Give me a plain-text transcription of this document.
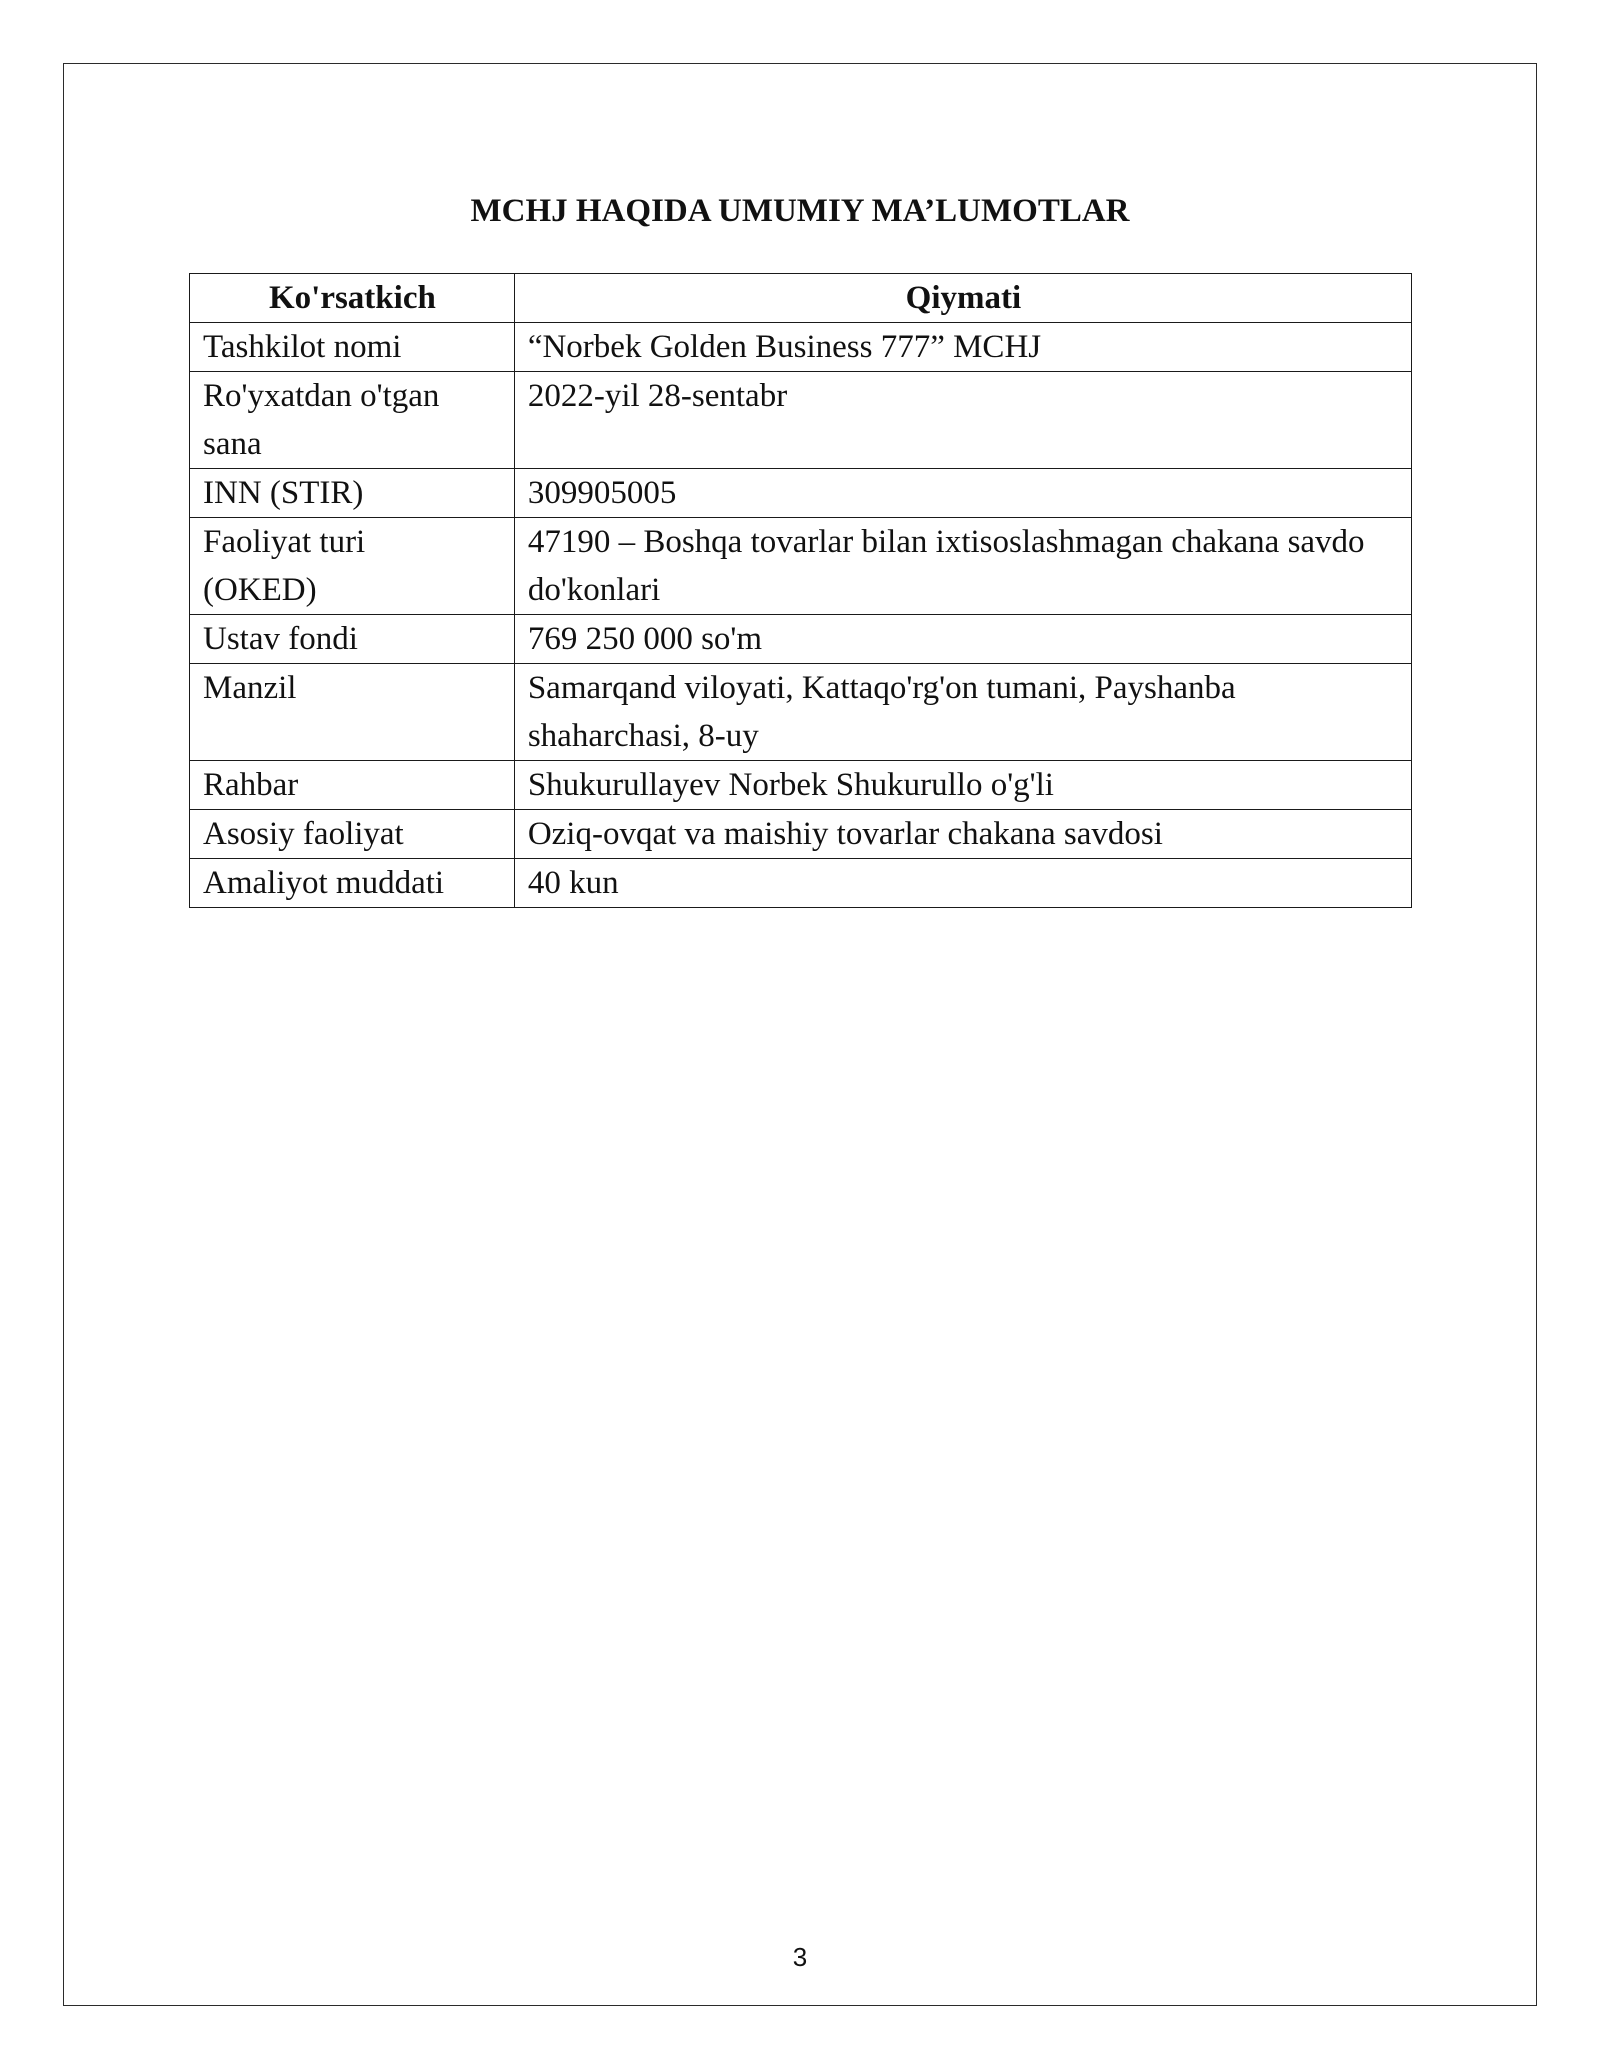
MCHJ HAQIDA UMUMIY MA’LUMOTLAR
Ko'rsatkich	Qiymati
Tashkilot nomi	“Norbek Golden Business 777” MCHJ
Ro'yxatdan o'tgan sana	2022-yil 28-sentabr
INN (STIR)	309905005
Faoliyat turi (OKED)	47190 – Boshqa tovarlar bilan ixtisoslashmagan chakana savdo do'konlari
Ustav fondi	769 250 000 so'm
Manzil	Samarqand viloyati, Kattaqo'rg'on tumani, Payshanba shaharchasi, 8-uy
Rahbar	Shukurullayev Norbek Shukurullo o'g'li
Asosiy faoliyat	Oziq-ovqat va maishiy tovarlar chakana savdosi
Amaliyot muddati	40 kun
3
